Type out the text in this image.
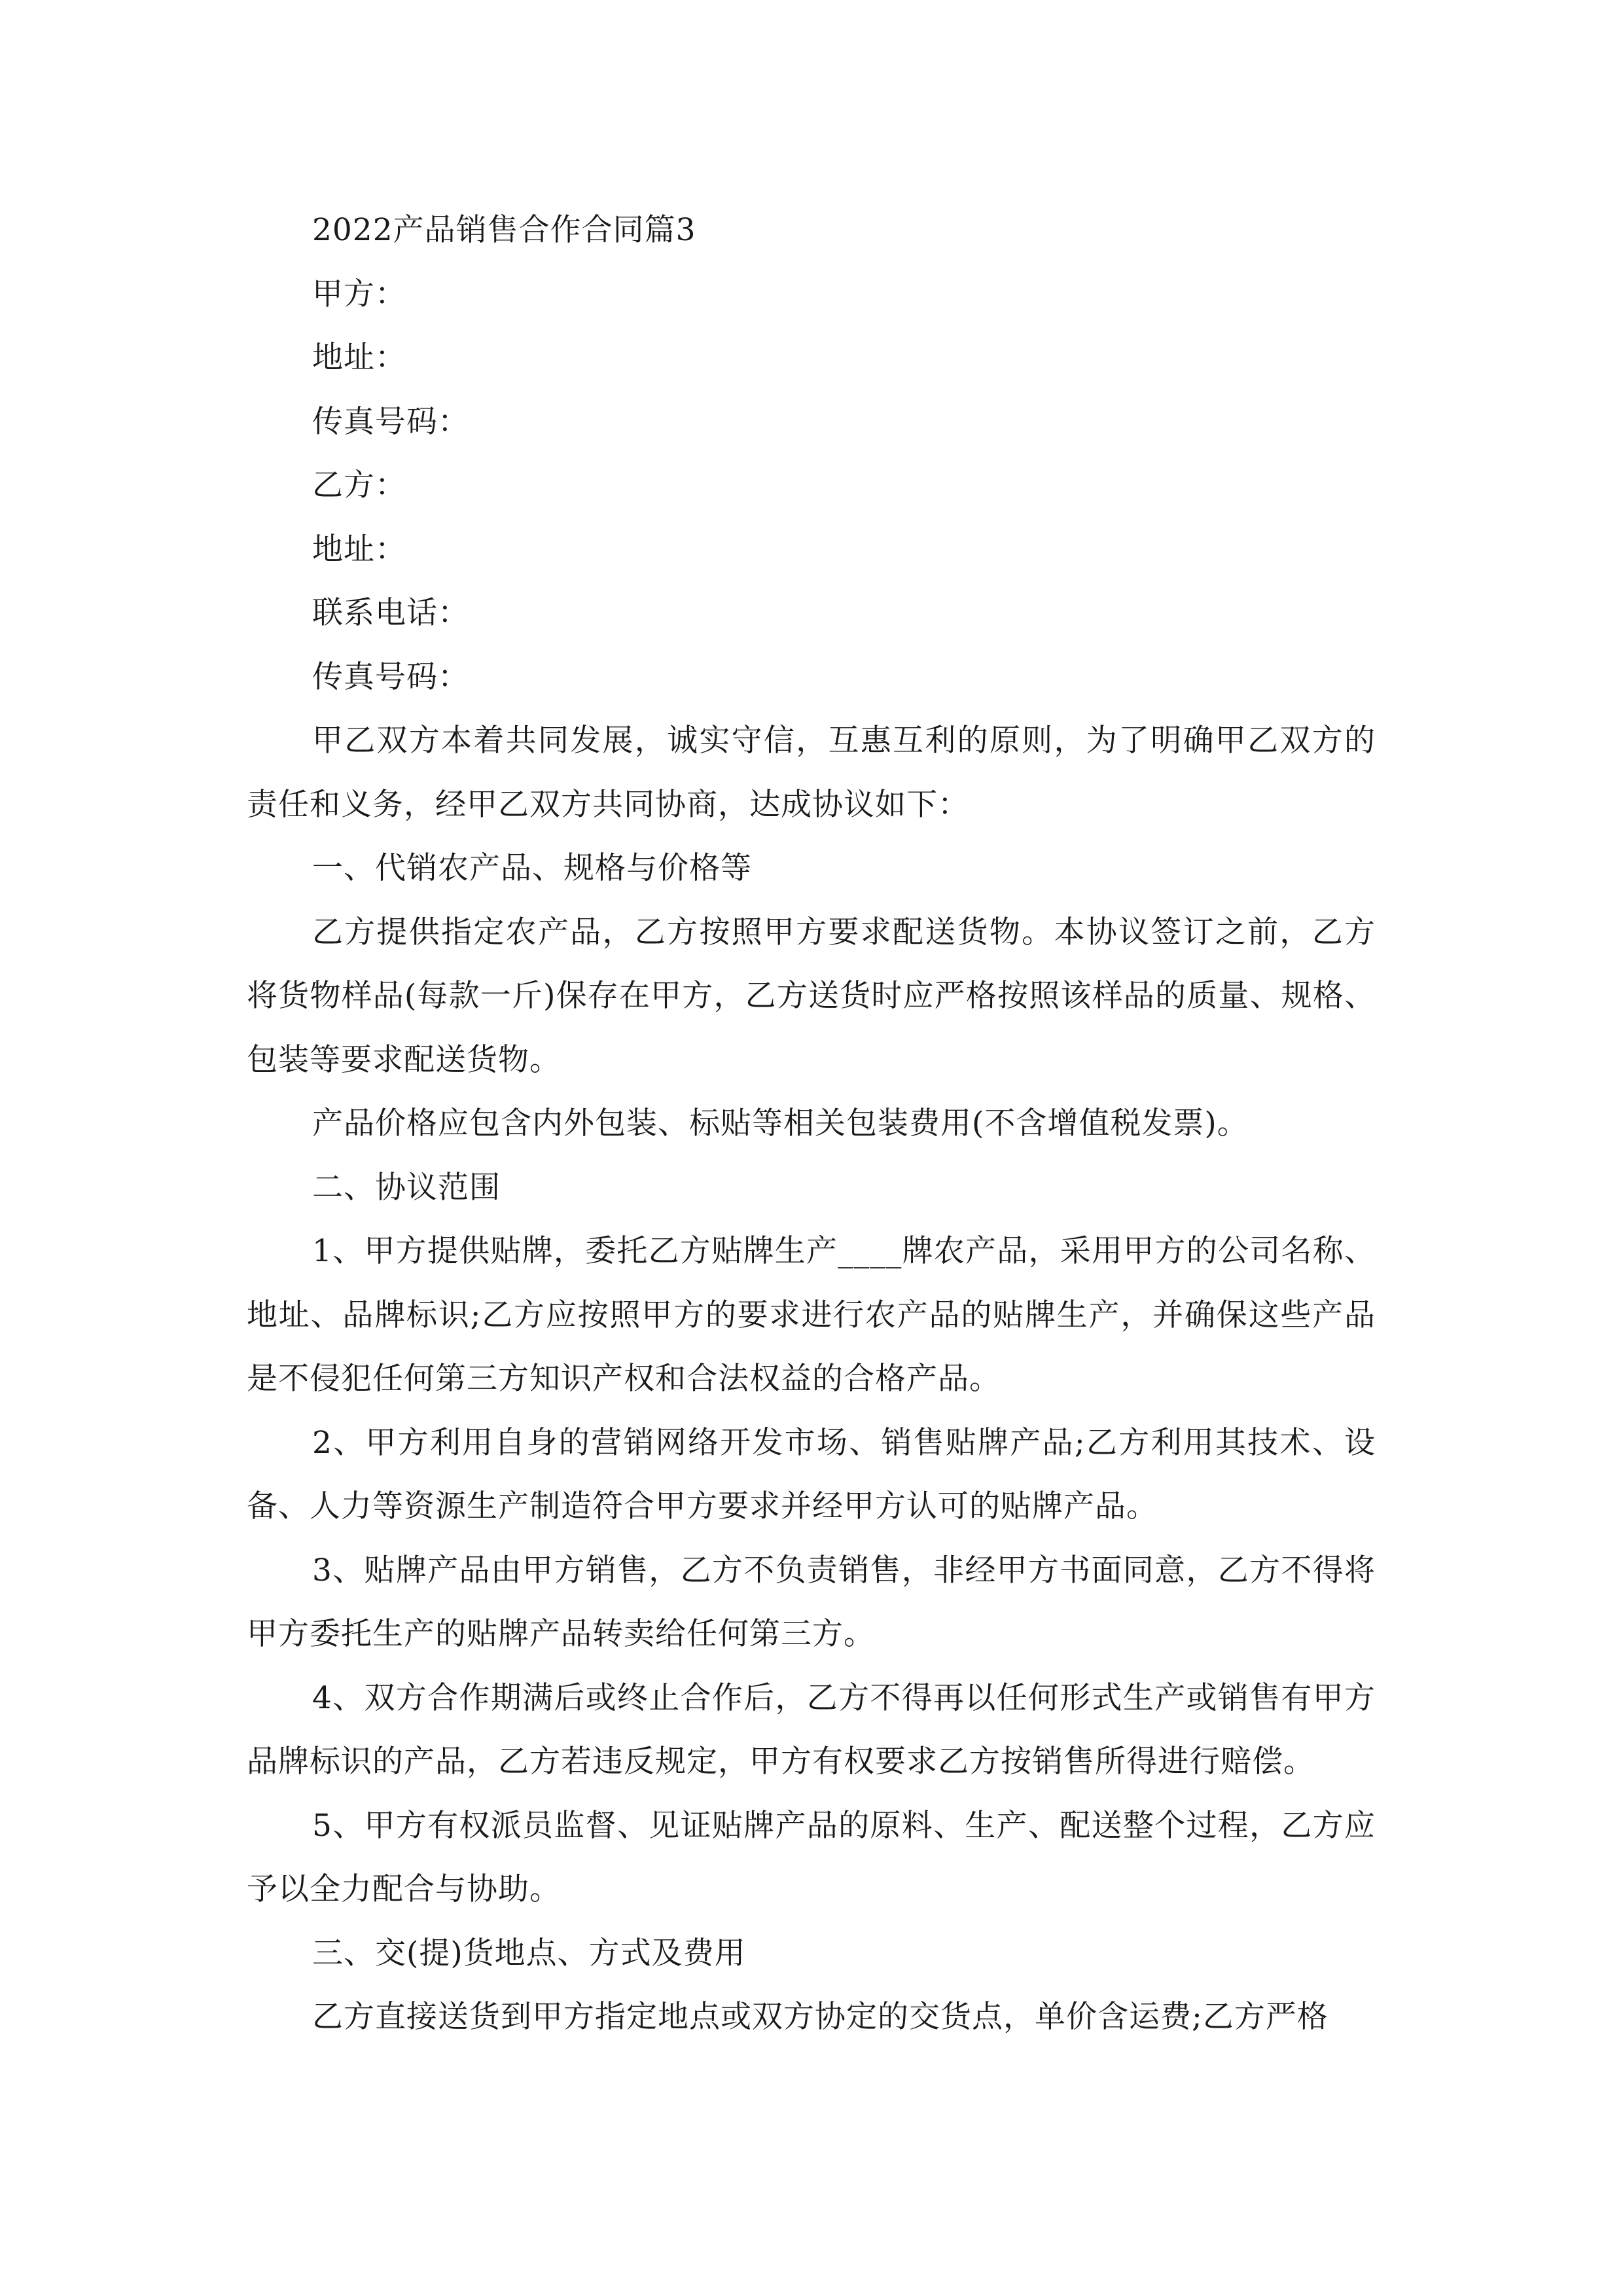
2022产品销售合作合同篇3

甲方：

地址：

传真号码：

乙方：

地址：

联系电话：

传真号码：

甲乙双方本着共同发展，诚实守信，互惠互利的原则，为了明确甲乙双方的责任和义务，经甲乙双方共同协商，达成协议如下：

一、代销农产品、规格与价格等

乙方提供指定农产品，乙方按照甲方要求配送货物。本协议签订之前，乙方将货物样品(每款一斤)保存在甲方，乙方送货时应严格按照该样品的质量、规格、包装等要求配送货物。

产品价格应包含内外包装、标贴等相关包装费用(不含增值税发票)。

二、协议范围

1、甲方提供贴牌，委托乙方贴牌生产____牌农产品，采用甲方的公司名称、地址、品牌标识;乙方应按照甲方的要求进行农产品的贴牌生产，并确保这些产品是不侵犯任何第三方知识产权和合法权益的合格产品。

2、甲方利用自身的营销网络开发市场、销售贴牌产品;乙方利用其技术、设备、人力等资源生产制造符合甲方要求并经甲方认可的贴牌产品。

3、贴牌产品由甲方销售，乙方不负责销售，非经甲方书面同意，乙方不得将甲方委托生产的贴牌产品转卖给任何第三方。

4、双方合作期满后或终止合作后，乙方不得再以任何形式生产或销售有甲方品牌标识的产品，乙方若违反规定，甲方有权要求乙方按销售所得进行赔偿。

5、甲方有权派员监督、见证贴牌产品的原料、生产、配送整个过程，乙方应予以全力配合与协助。

三、交(提)货地点、方式及费用

乙方直接送货到甲方指定地点或双方协定的交货点，单价含运费;乙方严格
